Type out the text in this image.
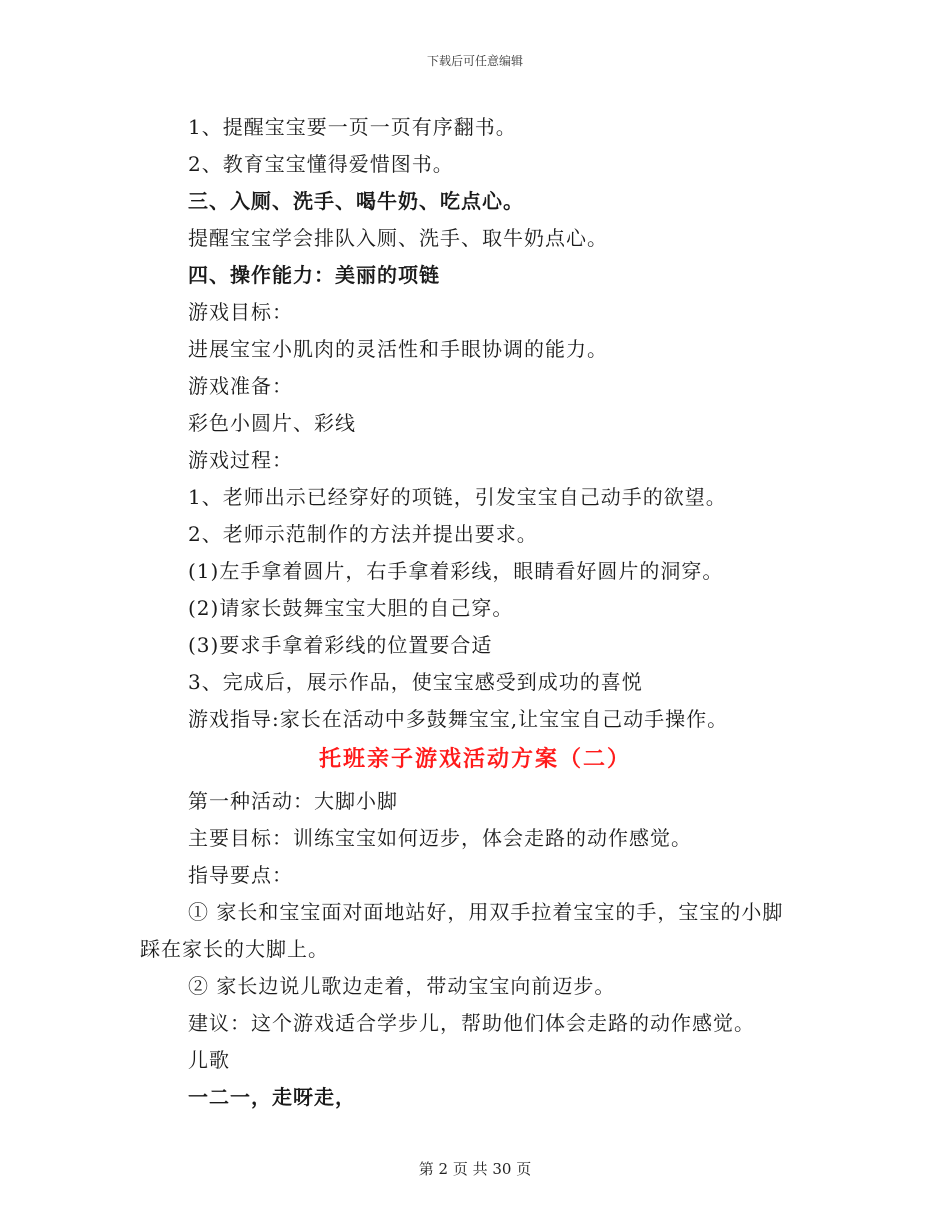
下载后可任意编辑
1、提醒宝宝要一页一页有序翻书。
2、教育宝宝懂得爱惜图书。
三、入厕、洗手、喝牛奶、吃点心。
提醒宝宝学会排队入厕、洗手、取牛奶点心。
四、操作能力：美丽的项链
游戏目标：
进展宝宝小肌肉的灵活性和手眼协调的能力。
游戏准备：
彩色小圆片、彩线
游戏过程：
1、老师出示已经穿好的项链，引发宝宝自己动手的欲望。
2、老师示范制作的方法并提出要求。
(1)左手拿着圆片，右手拿着彩线，眼睛看好圆片的洞穿。
(2)请家长鼓舞宝宝大胆的自己穿。
(3)要求手拿着彩线的位置要合适
3、完成后，展示作品，使宝宝感受到成功的喜悦
游戏指导:家长在活动中多鼓舞宝宝,让宝宝自己动手操作。
托班亲子游戏活动方案（二）
第一种活动：大脚小脚
主要目标：训练宝宝如何迈步，体会走路的动作感觉。
指导要点：
① 家长和宝宝面对面地站好，用双手拉着宝宝的手，宝宝的小脚
踩在家长的大脚上。
② 家长边说儿歌边走着，带动宝宝向前迈步。
建议：这个游戏适合学步儿，帮助他们体会走路的动作感觉。
儿歌
一二一，走呀走，
第 2 页 共 30 页
